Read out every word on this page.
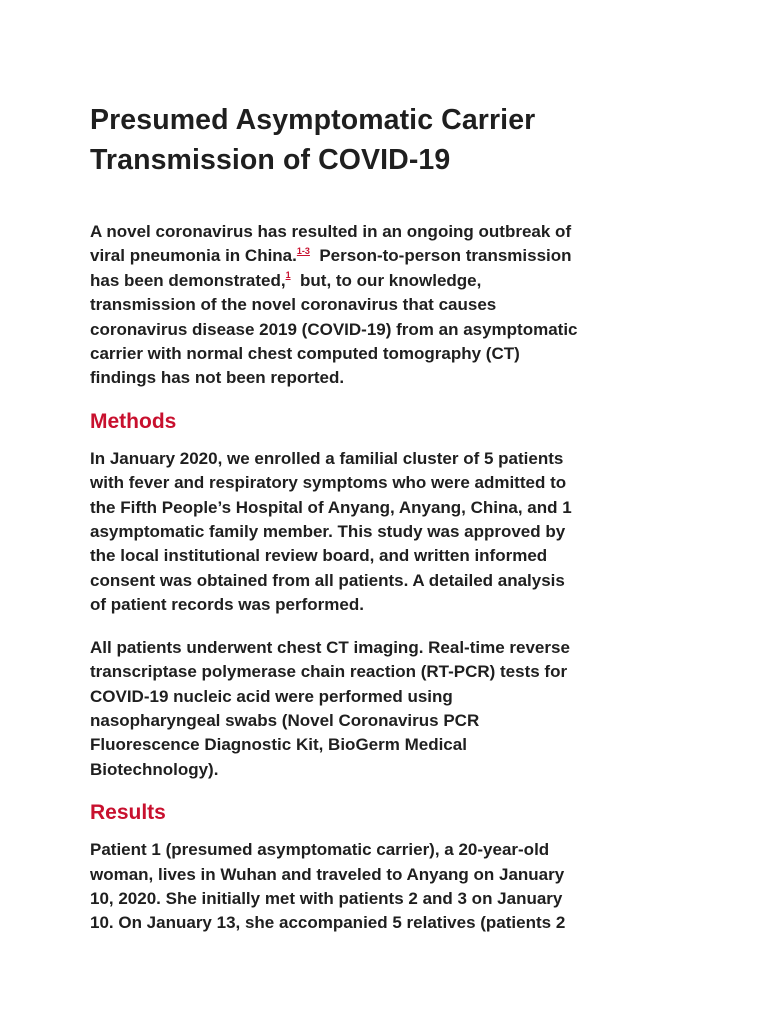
Presumed Asymptomatic Carrier
Transmission of COVID-19

A novel coronavirus has resulted in an ongoing outbreak of
viral pneumonia in China.$^{1-3}$  Person-to-person transmission
has been demonstrated,$^1$  but, to our knowledge,
transmission of the novel coronavirus that causes
coronavirus disease 2019 (COVID-19) from an asymptomatic
carrier with normal chest computed tomography (CT)
findings has not been reported.

Methods

In January 2020, we enrolled a familial cluster of 5 patients
with fever and respiratory symptoms who were admitted to
the Fifth People’s Hospital of Anyang, Anyang, China, and 1
asymptomatic family member. This study was approved by
the local institutional review board, and written informed
consent was obtained from all patients. A detailed analysis
of patient records was performed.

All patients underwent chest CT imaging. Real-time reverse
transcriptase polymerase chain reaction (RT-PCR) tests for
COVID-19 nucleic acid were performed using
nasopharyngeal swabs (Novel Coronavirus PCR
Fluorescence Diagnostic Kit, BioGerm Medical
Biotechnology).

Results

Patient 1 (presumed asymptomatic carrier), a 20-year-old
woman, lives in Wuhan and traveled to Anyang on January
10, 2020. She initially met with patients 2 and 3 on January
10. On January 13, she accompanied 5 relatives (patients 2
